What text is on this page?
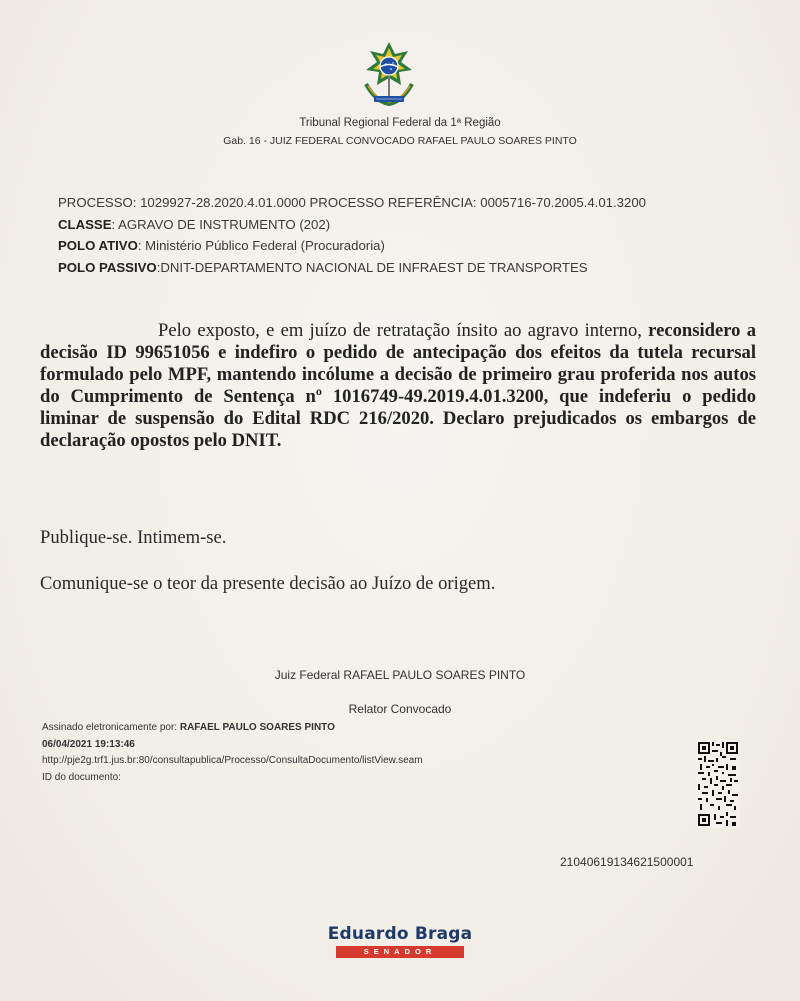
Tribunal Regional Federal da 1ª Região
Gab. 16 - JUIZ FEDERAL CONVOCADO RAFAEL PAULO SOARES PINTO
PROCESSO: 1029927-28.2020.4.01.0000 PROCESSO REFERÊNCIA: 0005716-70.2005.4.01.3200
CLASSE: AGRAVO DE INSTRUMENTO (202)
POLO ATIVO: Ministério Público Federal (Procuradoria)
POLO PASSIVO:DNIT-DEPARTAMENTO NACIONAL DE INFRAEST DE TRANSPORTES
Pelo exposto, e em juízo de retratação ínsito ao agravo interno, reconsidero a decisão ID 99651056 e indefiro o pedido de antecipação dos efeitos da tutela recursal formulado pelo MPF, mantendo incólume a decisão de primeiro grau proferida nos autos do Cumprimento de Sentença nº 1016749-49.2019.4.01.3200, que indeferiu o pedido liminar de suspensão do Edital RDC 216/2020. Declaro prejudicados os embargos de declaração opostos pelo DNIT.
Publique-se. Intimem-se.
Comunique-se o teor da presente decisão ao Juízo de origem.
Juiz Federal RAFAEL PAULO SOARES PINTO
Relator Convocado
Assinado eletronicamente por: RAFAEL PAULO SOARES PINTO
06/04/2021 19:13:46
http://pje2g.trf1.jus.br:80/consultapublica/Processo/ConsultaDocumento/listView.seam
ID do documento:
21040619134621500001
Eduardo Braga
SENADOR
